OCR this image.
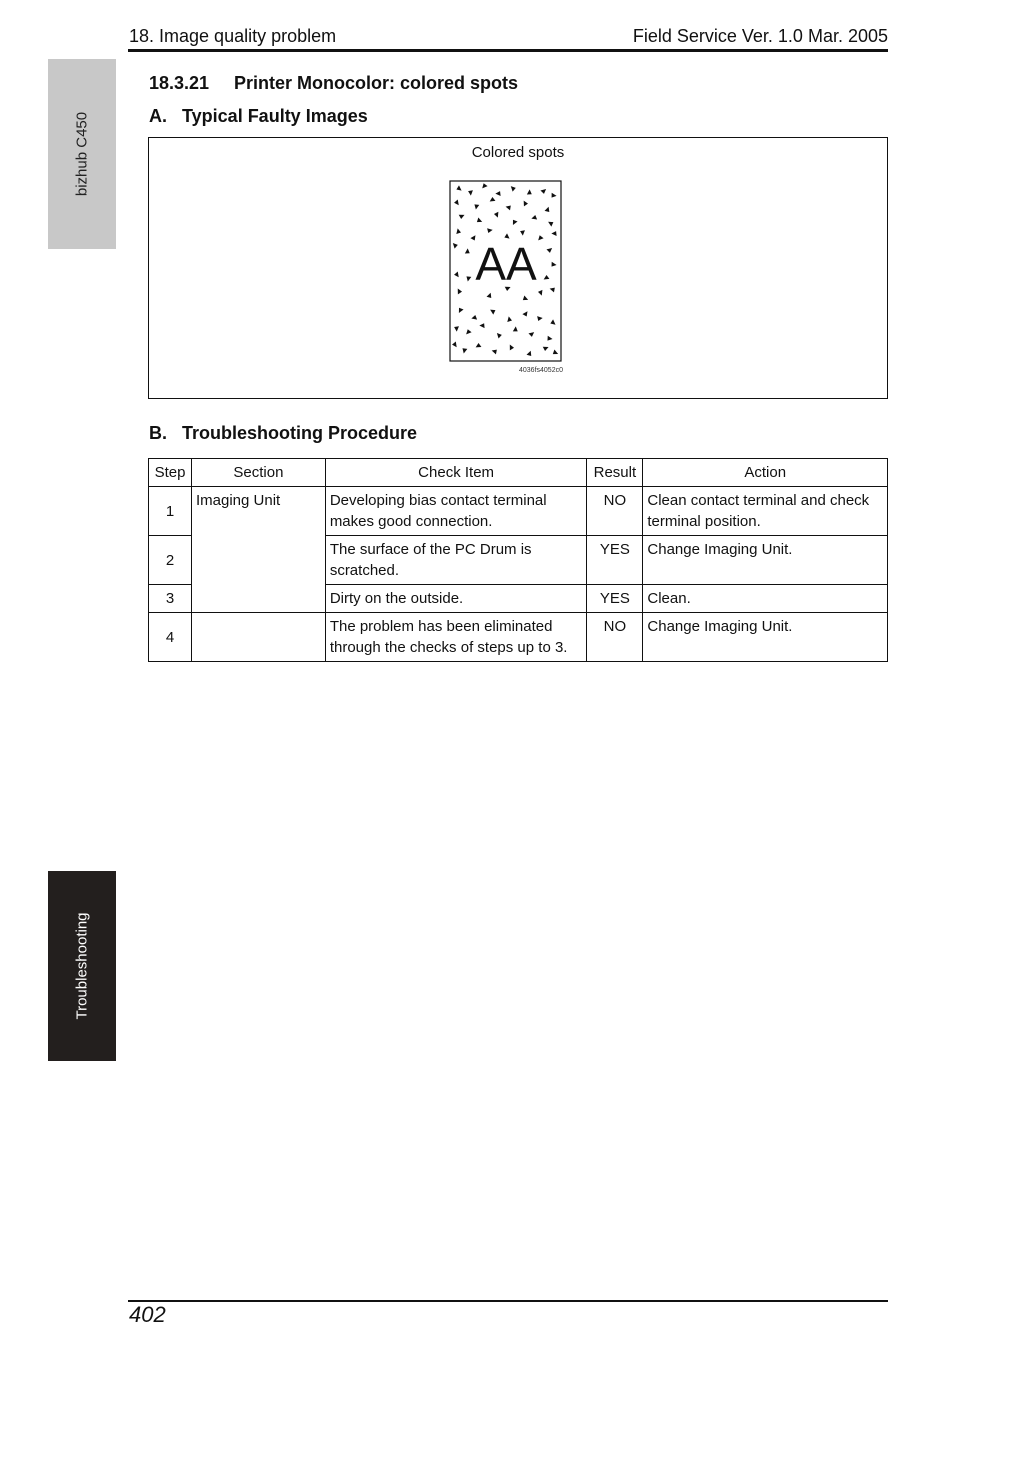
18. Image quality problem	Field Service Ver. 1.0 Mar. 2005
bizhub C450
Troubleshooting
18.3.21 Printer Monocolor: colored spots
A. Typical Faulty Images
Colored spots
AA
4036fs4052c0
B. Troubleshooting Procedure
Step	Section	Check Item	Result	Action
1	Imaging Unit	Developing bias contact terminal makes good connection.	NO	Clean contact terminal and check terminal position.
2		The surface of the PC Drum is scratched.	YES	Change Imaging Unit.
3		Dirty on the outside.	YES	Clean.
4		The problem has been eliminated through the checks of steps up to 3.	NO	Change Imaging Unit.
402
